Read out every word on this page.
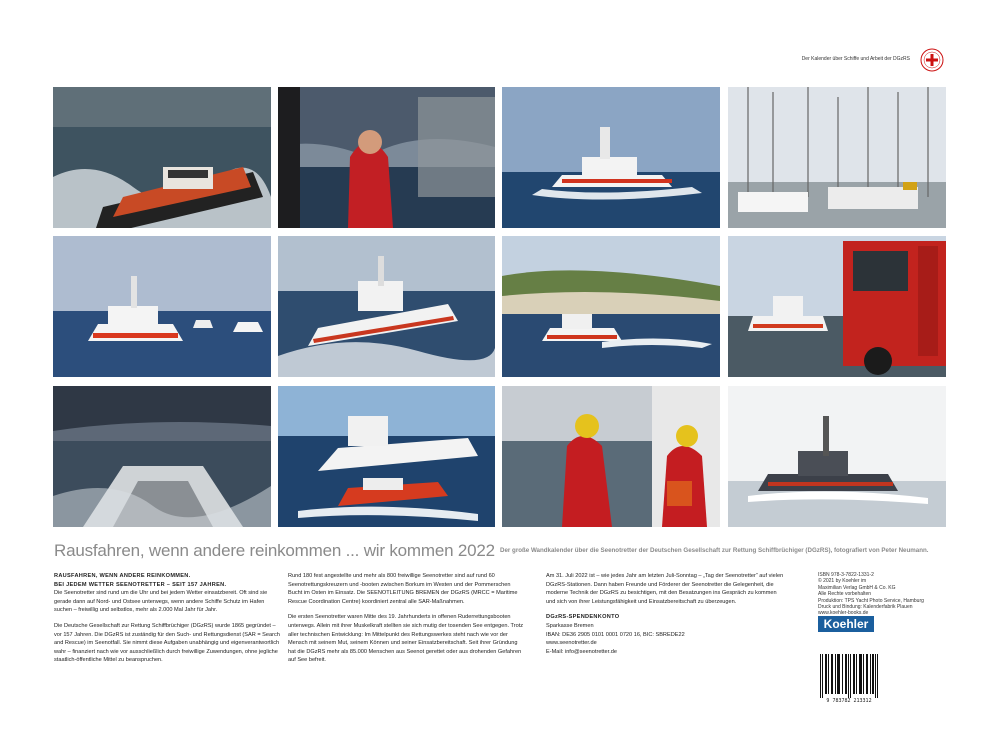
Der Kalender über Schiffe und Arbeit der DGzRS
Rausfahren, wenn andere reinkommen ... wir kommen 2022 Der große Wandkalender über die Seenotretter der Deutschen Gesellschaft zur Rettung Schiffbrüchiger (DGzRS), fotografiert von Peter Neumann.
RAUSFAHREN, WENN ANDERE REINKOMMEN.
BEI JEDEM WETTER SEENOTRETTER – SEIT 157 JAHREN.

Die Seenotretter sind rund um die Uhr und bei jedem Wetter einsatzbereit. Oft sind sie gerade dann auf Nord- und Ostsee unterwegs, wenn andere Schiffe Schutz im Hafen suchen – freiwillig und selbstlos, mehr als 2.000 Mal Jahr für Jahr.

Die Deutsche Gesellschaft zur Rettung Schiffbrüchiger (DGzRS) wurde 1865 gegründet – vor 157 Jahren. Die DGzRS ist zuständig für den Such- und Rettungsdienst (SAR = Search and Rescue) im Seenotfall. Sie nimmt diese Aufgaben unabhängig und eigenverantwortlich wahr – finanziert nach wie vor ausschließlich durch freiwillige Zuwendungen, ohne jegliche staatlich-öffentliche Mittel zu beanspruchen.

Rund 180 fest angestellte und mehr als 800 freiwillige Seenotretter sind auf rund 60 Seenotrettungskreuzern und -booten zwischen Borkum im Westen und der Pommerschen Bucht im Osten im Einsatz. Die SEENOTLEITUNG BREMEN der DGzRS (MRCC = Maritime Rescue Coordination Centre) koordiniert zentral alle SAR-Maßnahmen.

Die ersten Seenotretter waren Mitte des 19. Jahrhunderts in offenen Ruderrettungsbooten unterwegs. Allein mit ihrer Muskelkraft stellten sie sich mutig der tosenden See entgegen. Trotz aller technischen Entwicklung: Im Mittelpunkt des Rettungswerkes steht nach wie vor der Mensch mit seinem Mut, seinem Können und seiner Einsatzbereitschaft. Seit ihrer Gründung hat die DGzRS mehr als 85.000 Menschen aus Seenot gerettet oder aus drohenden Gefahren auf See befreit.

Am 31. Juli 2022 ist – wie jedes Jahr am letzten Juli-Sonntag – „Tag der Seenotretter“ auf vielen DGzRS-Stationen. Dann haben Freunde und Förderer der Seenotretter die Gelegenheit, die moderne Technik der DGzRS zu besichtigen, mit den Besatzungen ins Gespräch zu kommen und sich von ihrer Leistungsfähigkeit und Einsatzbereitschaft zu überzeugen.

DGzRS-SPENDENKONTO
Sparkasse Bremen
IBAN: DE36 2905 0101 0001 0720 16, BIC: SBREDE22
www.seenotretter.de
E-Mail: info@seenotretter.de
ISBN 978-3-7822-1331-2
© 2021 by Koehler im
Maximilian Verlag GmbH & Co. KG
Alle Rechte vorbehalten
Produktion: TPS Yacht Photo Service, Hamburg
Druck und Bindung: Kalenderfabrik Plauen
www.koehler-books.de
Koehler
9 783782 213312
